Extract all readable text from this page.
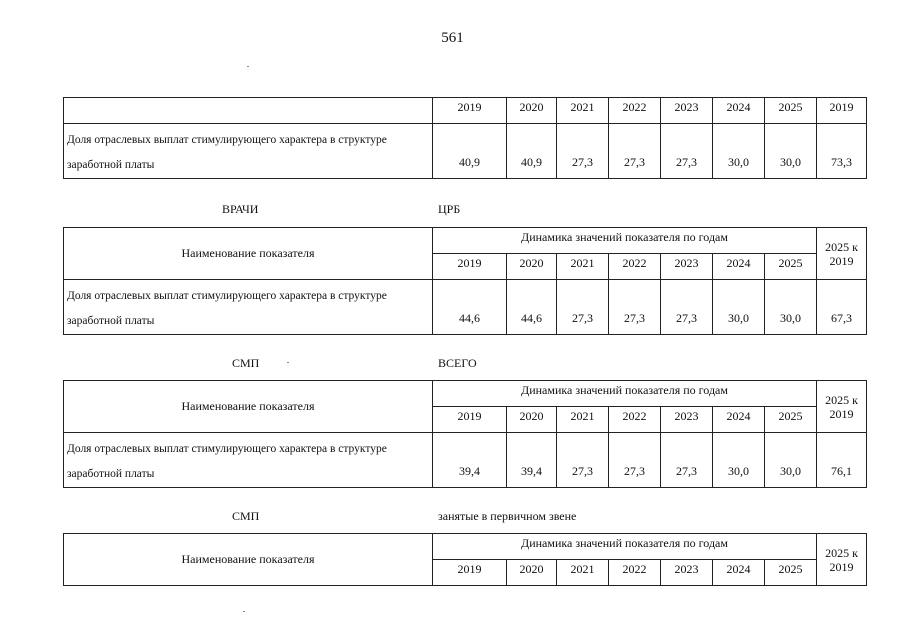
561
	2019	2020	2021	2022	2023	2024	2025	2019
Доля отраслевых выплат стимулирующего характера в структуре
заработной платы	40,9	40,9	27,3	27,3	27,3	30,0	30,0	73,3
ВРАЧИ	ЦРБ
Наименование показателя	Динамика значений показателя по годам							2025 к
2019
	2019	2020	2021	2022	2023	2024	2025	
Доля отраслевых выплат стимулирующего характера в структуре
заработной платы	44,6	44,6	27,3	27,3	27,3	30,0	30,0	67,3
СМП	ВСЕГО
Наименование показателя	Динамика значений показателя по годам							2025 к
2019
	2019	2020	2021	2022	2023	2024	2025	
Доля отраслевых выплат стимулирующего характера в структуре
заработной платы	39,4	39,4	27,3	27,3	27,3	30,0	30,0	76,1
СМП	занятые в первичном звене
Наименование показателя	Динамика значений показателя по годам							2025 к
2019
	2019	2020	2021	2022	2023	2024	2025	
